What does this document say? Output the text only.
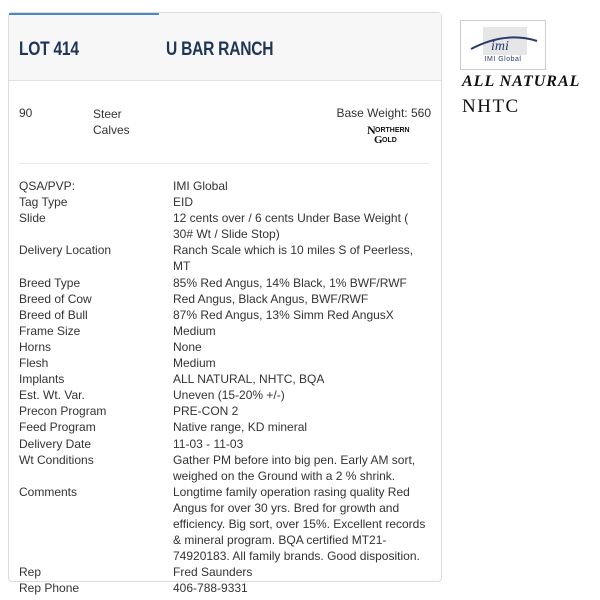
LOT 414	U BAR RANCH
90	Steer Calves
Base Weight: 560
N ORTHERN
G OLD
QSA/PVP:	IMI Global
Tag Type	EID
Slide	12 cents over / 6 cents Under Base Weight ( 30# Wt / Slide Stop)
Delivery Location	Ranch Scale which is 10 miles S of Peerless, MT
Breed Type	85% Red Angus, 14% Black, 1% BWF/RWF
Breed of Cow	Red Angus, Black Angus, BWF/RWF
Breed of Bull	87% Red Angus, 13% Simm Red AngusX
Frame Size	Medium
Horns	None
Flesh	Medium
Implants	ALL NATURAL, NHTC, BQA
Est. Wt. Var.	Uneven (15-20% +/-)
Precon Program	PRE-CON 2
Feed Program	Native range, KD mineral
Delivery Date	11-03 - 11-03
Wt Conditions	Gather PM before into big pen. Early AM sort, weighed on the Ground with a 2 % shrink.
Comments	Longtime family operation rasing quality Red Angus for over 30 yrs. Bred for growth and efficiency. Big sort, over 15%. Excellent records & mineral program. BQA certified MT21-74920183. All family brands. Good disposition.
Rep	Fred Saunders
Rep Phone	406-788-9331
imi
IMI Global
ALL NATURAL
NHTC
